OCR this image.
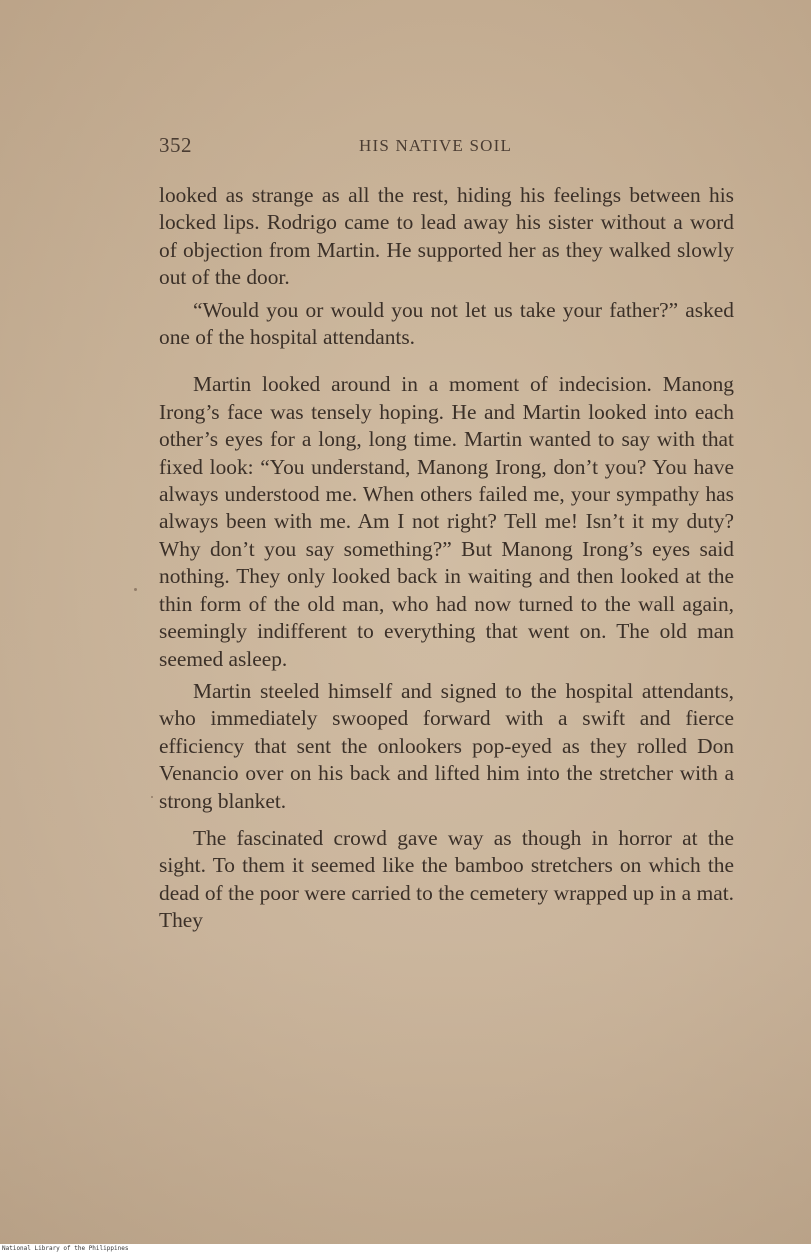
352	HIS NATIVE SOIL

looked as strange as all the rest, hiding his feelings between his locked lips. Rodrigo came to lead away his sister without a word of objection from Martin. He supported her as they walked slowly out of the door.

“Would you or would you not let us take your father?” asked one of the hospital attendants.

Martin looked around in a moment of indecision. Manong Irong’s face was tensely hoping. He and Martin looked into each other’s eyes for a long, long time. Martin wanted to say with that fixed look: “You understand, Manong Irong, don’t you? You have always understood me. When others failed me, your sympathy has always been with me. Am I not right? Tell me! Isn’t it my duty? Why don’t you say something?” But Manong Irong’s eyes said nothing. They only looked back in waiting and then looked at the thin form of the old man, who had now turned to the wall again, seemingly indifferent to everything that went on. The old man seemed asleep.

Martin steeled himself and signed to the hospital attendants, who immediately swooped forward with a swift and fierce efficiency that sent the onlookers pop-eyed as they rolled Don Venancio over on his back and lifted him into the stretcher with a strong blanket.

The fascinated crowd gave way as though in horror at the sight. To them it seemed like the bamboo stretchers on which the dead of the poor were carried to the cemetery wrapped up in a mat. They

National Library of the Philippines
